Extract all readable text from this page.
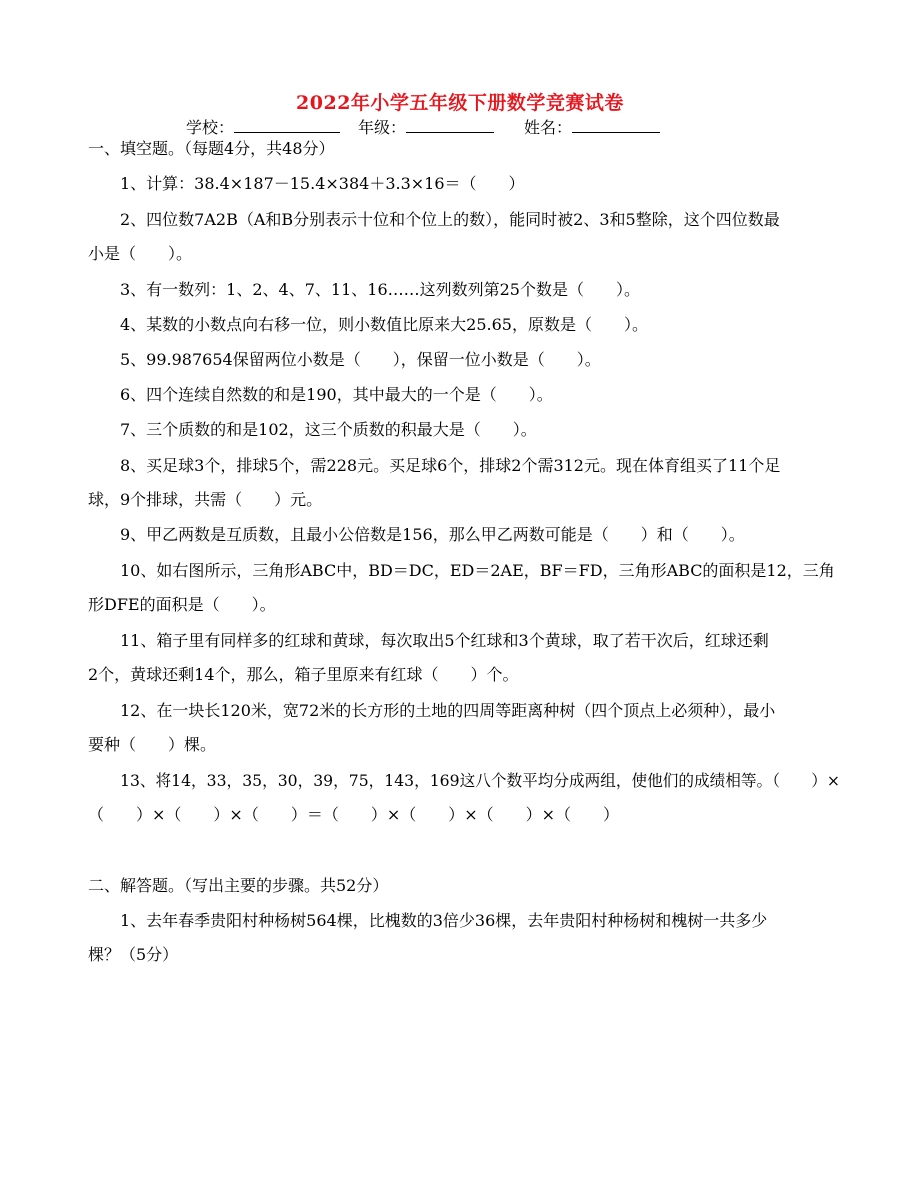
2022年小学五年级下册数学竞赛试卷
学校：	年级：	姓名：
一、填空题。（每题4分，共48分）
1、计算：38.4×187－15.4×384＋3.3×16＝（　　）
2、四位数7A2B（A和B分别表示十位和个位上的数），能同时被2、3和5整除，这个四位数最
小是（　　）。
3、有一数列：1、2、4、7、11、16……这列数列第25个数是（　　）。
4、某数的小数点向右移一位，则小数值比原来大25.65，原数是（　　）。
5、99.987654保留两位小数是（　　），保留一位小数是（　　）。
6、四个连续自然数的和是190，其中最大的一个是（　　）。
7、三个质数的和是102，这三个质数的积最大是（　　）。
8、买足球3个，排球5个，需228元。买足球6个，排球2个需312元。现在体育组买了11个足
球，9个排球，共需（　　）元。
9、甲乙两数是互质数，且最小公倍数是156，那么甲乙两数可能是（　　）和（　　）。
10、如右图所示，三角形ABC中，BD＝DC，ED＝2AE，BF＝FD，三角形ABC的面积是12，三角
形DFE的面积是（　　）。
11、箱子里有同样多的红球和黄球，每次取出5个红球和3个黄球，取了若干次后，红球还剩
2个，黄球还剩14个，那么，箱子里原来有红球（　　）个。
12、在一块长120米，宽72米的长方形的土地的四周等距离种树（四个顶点上必须种），最小
要种（　　）棵。
13、将14，33，35，30，39，75，143，169这八个数平均分成两组，使他们的成绩相等。（　　）×
（　　）×（　　）×（　　）＝（　　）×（　　）×（　　）×（　　）
二、解答题。（写出主要的步骤。共52分）
1、去年春季贵阳村种杨树564棵，比槐数的3倍少36棵，去年贵阳村种杨树和槐树一共多少
棵？（5分）
